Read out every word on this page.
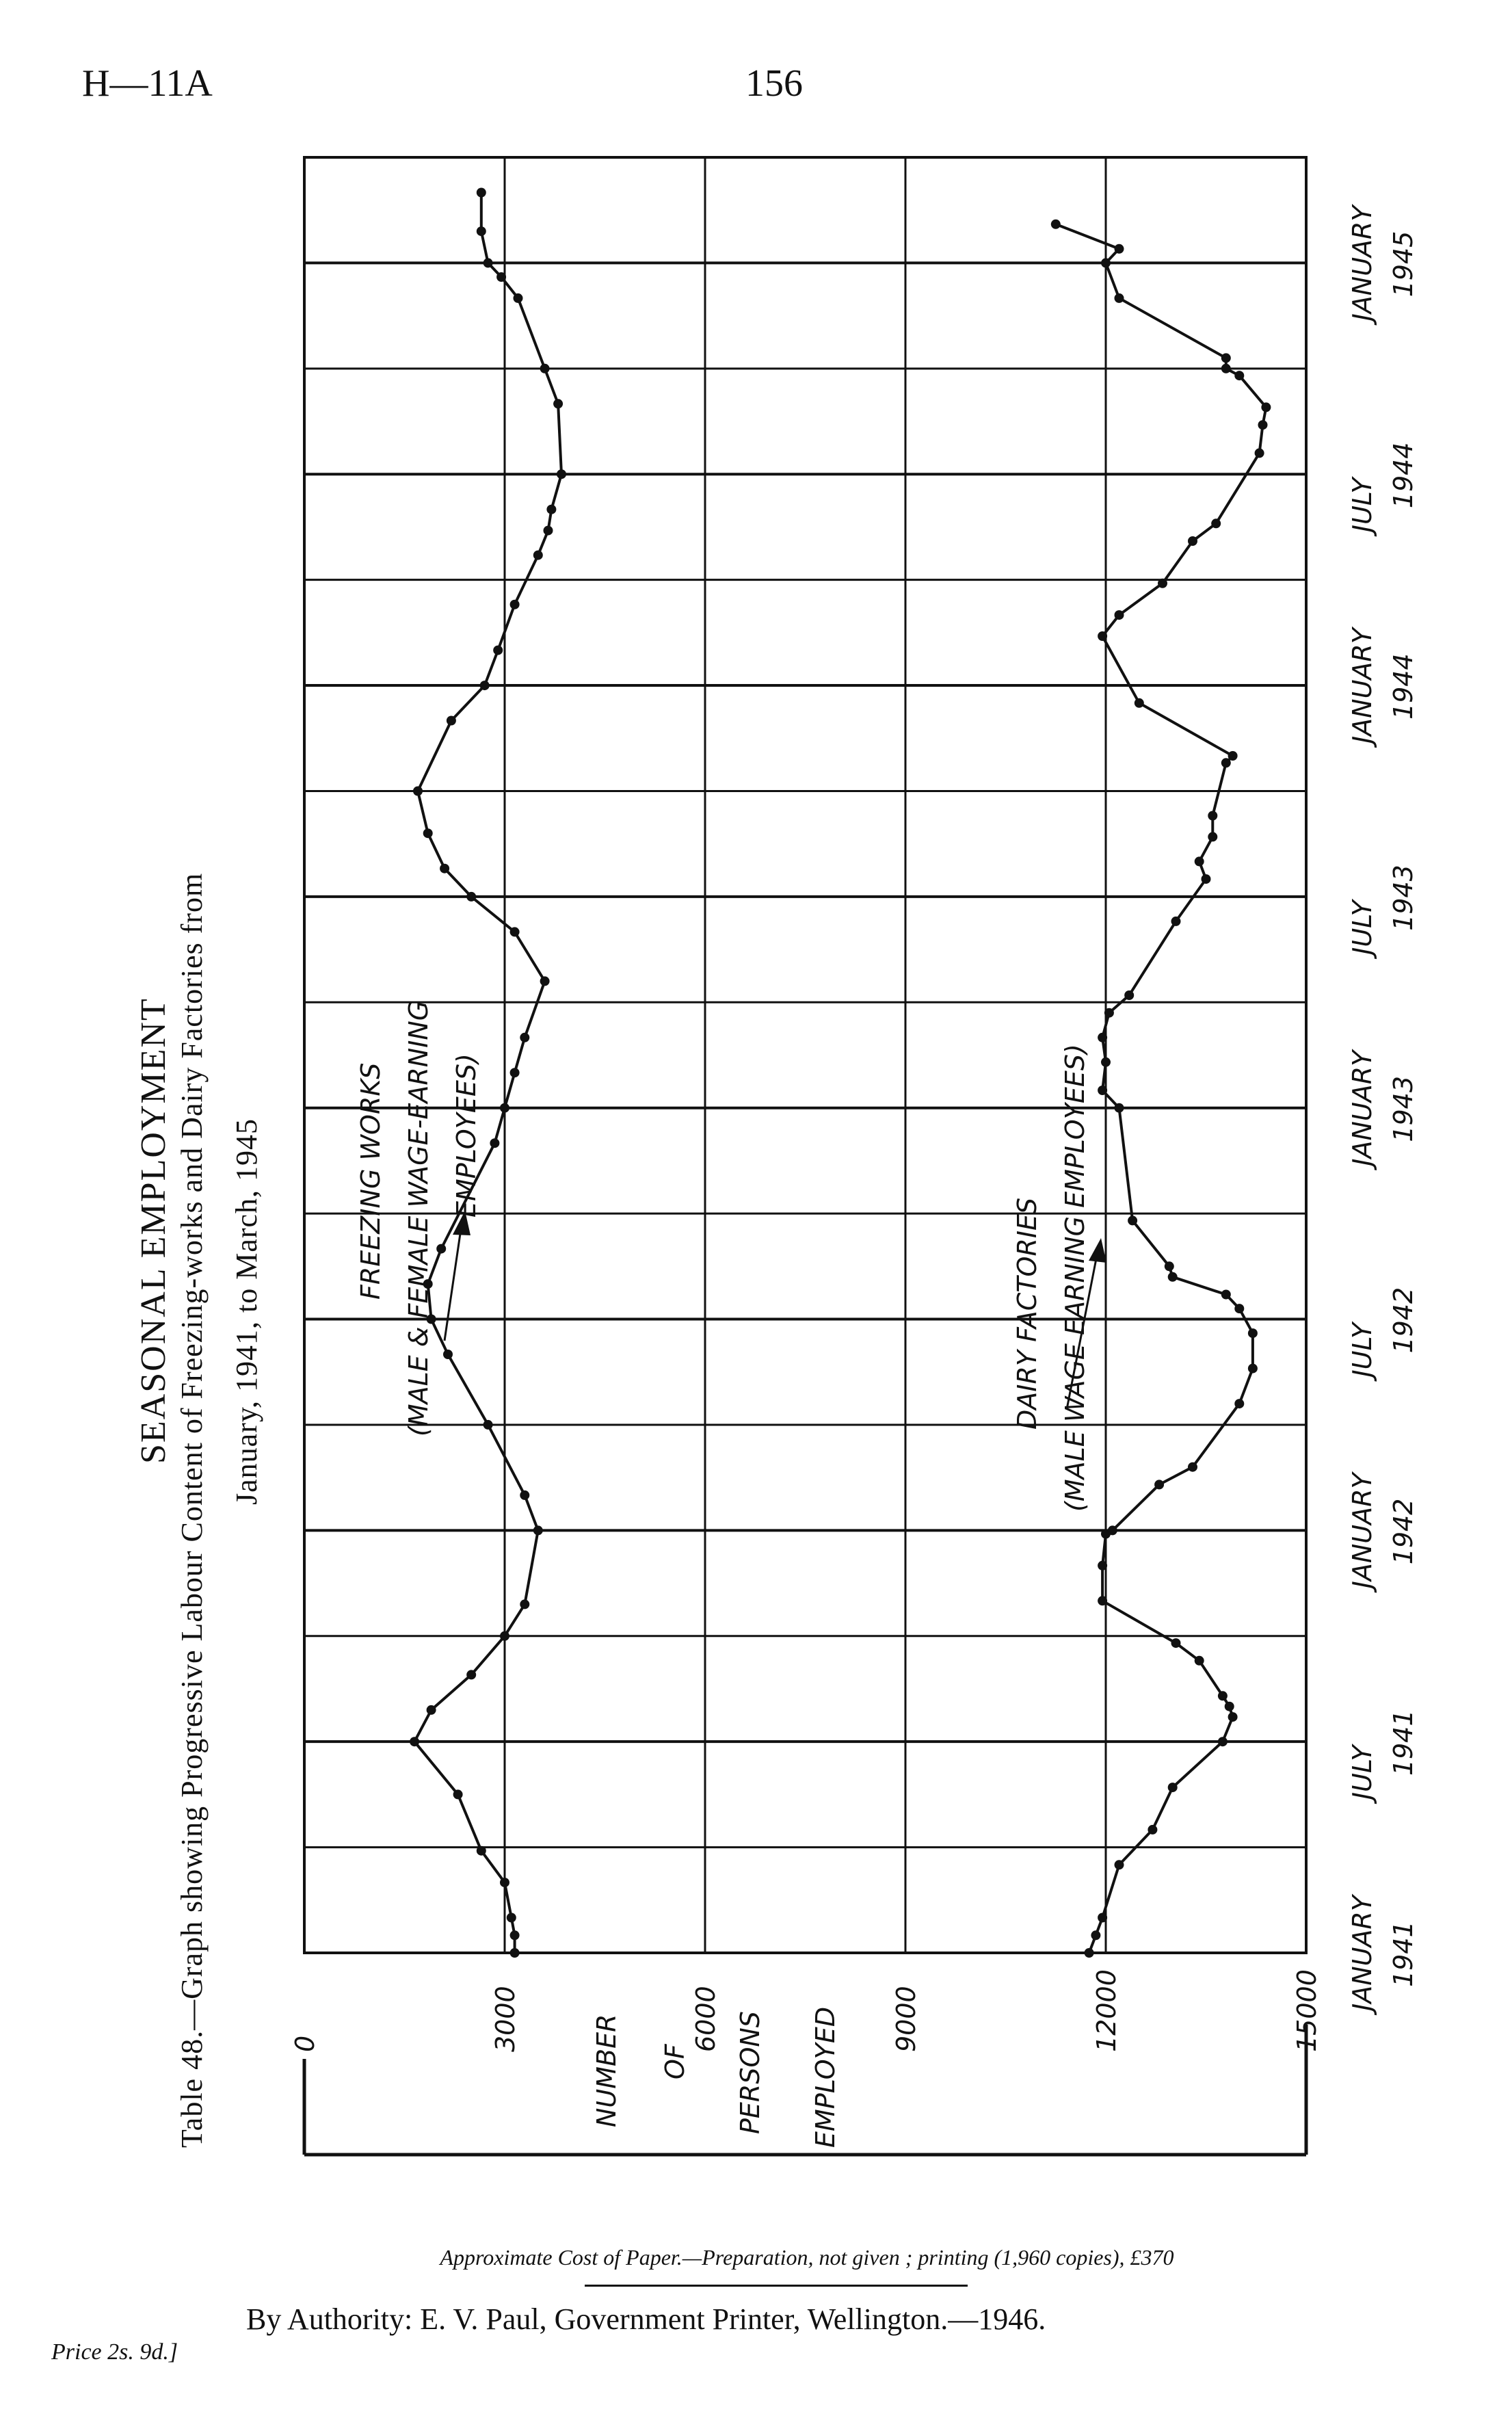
H—11A	156
SEASONAL EMPLOYMENT Table 48.—Graph showing Progressive Labour Content of Freezing-works and Dairy Factories from January, 1941, to March, 1945
0	3000	6000	9000	12000	15000 JANUARY 1941
JULY 1941
JANUARY 1942
JULY 1942
JANUARY 1943
JULY 1943
JANUARY 1944
JULY 1944
JANUARY 1945
NUMBER OF PERSONS EMPLOYED
FREEZING WORKS (MALE & FEMALE WAGE-EARNING EMPLOYEES)
DAIRY FACTORIES (MALE WAGE EARNING EMPLOYEES)
Approximate Cost of Paper.—Preparation, not given ; printing (1,960 copies), £370
By Authority: E. V. Paul, Government Printer, Wellington.—1946.
Price 2s. 9d.]
